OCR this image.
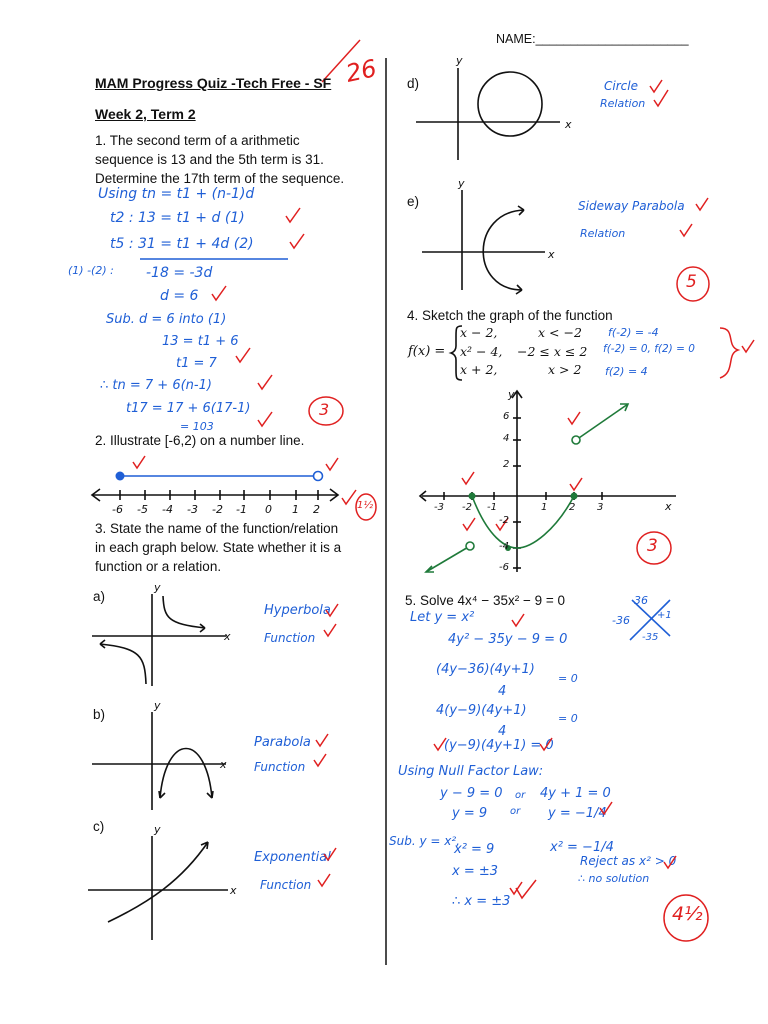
NAME:______________________
26
MAM Progress Quiz -Tech Free - SF
Week 2, Term 2
1. The second term of a arithmetic
sequence is 13 and the 5th term is 31.
Determine the 17th term of the sequence.
Using tn = t1 + (n-1)d
t2 : 13 = t1 + d (1)
t5 : 31 = t1 + 4d (2)
(1) -(2) : -18 = -3d
d = 6
Sub. d = 6 into (1)
13 = t1 + 6
t1 = 7
∴ tn = 7 + 6(n-1)
t17 = 17 + 6(17-1)
= 103
3
2. Illustrate [-6,2) on a number line.
-6 -5 -4 -3 -2 -1 0 1 2	1½
3. State the name of the function/relation
in each graph below. State whether it is a
function or a relation.
a)
x
y
Hyperbola
Function
b)
x
y
Parabola
Function
c)
x
y
Exponential
Function
d)
x
y
Circle
Relation
e)
x
y
Sideway Parabola
Relation
5
4. Sketch the graph of the function
f(x) =
x − 2,	x < −2
x² − 4, −2 ≤ x ≤ 2
x + 2,	x > 2
f(-2) = -4
f(-2) = 0, f(2) = 0
f(2) = 4
x
y
6
4
2
-2
-4
-6
-3 -2 -1	1 2 3
3
5. Solve 4x⁴ − 35x² − 9 = 0
Let y = x²
4y² − 35y − 9 = 0
(4y−36)(4y+1)
4
= 0
4(y−9)(4y+1)
4
= 0
(y−9)(4y+1) = 0
Using Null Factor Law:
y − 9 = 0 or 4y + 1 = 0
y = 9 or y = −1/4
Sub. y = x²,
x² = 9	x² = −1/4
x = ±3
Reject as x² > 0
∴ no solution
∴ x = ±3
36
+1
-36
-35
4½
